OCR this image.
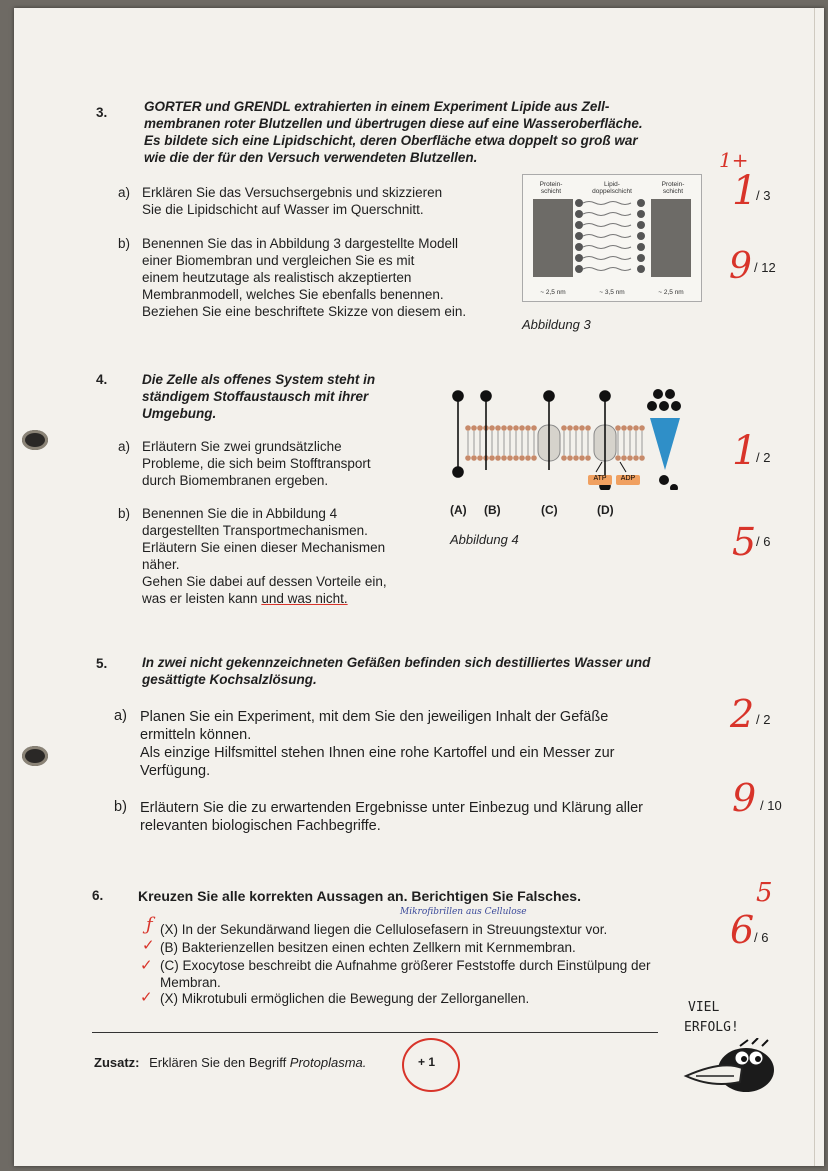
3.	GORTER und GRENDL extrahierten in einem Experiment Lipide aus Zell-
membranen roter Blutzellen und übertrugen diese auf eine Wasseroberfläche.
Es bildete sich eine Lipidschicht, deren Oberfläche etwa doppelt so groß war
wie die der für den Versuch verwendeten Blutzellen.
a) Erklären Sie das Versuchsergebnis und skizzieren
Sie die Lipidschicht auf Wasser im Querschnitt.
b) Benennen Sie das in Abbildung 3 dargestellte Modell
einer Biomembran und vergleichen Sie es mit
einem heutzutage als realistisch akzeptierten
Membranmodell, welches Sie ebenfalls benennen.
Beziehen Sie eine beschriftete Skizze von diesem ein.
Protein-
schicht
Lipid-
doppelschicht
Protein-
schicht
~ 2,5 nm	~ 3,5 nm	~ 2,5 nm
Abbildung 3
1+
1
/ 3
9 / 12
4.	Die Zelle als offenes System steht in
ständigem Stoffaustausch mit ihrer
Umgebung.
a) Erläutern Sie zwei grundsätzliche
Probleme, die sich beim Stofftransport
durch Biomembranen ergeben.
b) Benennen Sie die in Abbildung 4
dargestellten Transportmechanismen.
Erläutern Sie einen dieser Mechanismen
näher.
Gehen Sie dabei auf dessen Vorteile ein,
was er leisten kann und was nicht.
ATP	ADP
(A) (B)	(C)	(D)
Abbildung 4
1
/ 2
5 / 6
5.	In zwei nicht gekennzeichneten Gefäßen befinden sich destilliertes Wasser und
gesättigte Kochsalzlösung.
a) Planen Sie ein Experiment, mit dem Sie den jeweiligen Inhalt der Gefäße
ermitteln können.
Als einzige Hilfsmittel stehen Ihnen eine rohe Kartoffel und ein Messer zur
Verfügung.
b) Erläutern Sie die zu erwartenden Ergebnisse unter Einbezug und Klärung aller
relevanten biologischen Fachbegriffe.
2 / 2
9 / 10
6. Kreuzen Sie alle korrekten Aussagen an. Berichtigen Sie Falsches.
Mikrofibrillen aus Cellulose
ƒ
✓
✓
✓
(X) In der Sekundärwand liegen die Cellulosefasern in Streuungstextur vor.
(B) Bakterienzellen besitzen einen echten Zellkern mit Kernmembran.
(C) Exocytose beschreibt die Aufnahme größerer Feststoffe durch Einstülpung der
Membran.
(X) Mikrotubuli ermöglichen die Bewegung der Zellorganellen.
5
6 / 6
Zusatz: Erklären Sie den Begriff Protoplasma.	+ 1
VIEL
ERFOLG!
